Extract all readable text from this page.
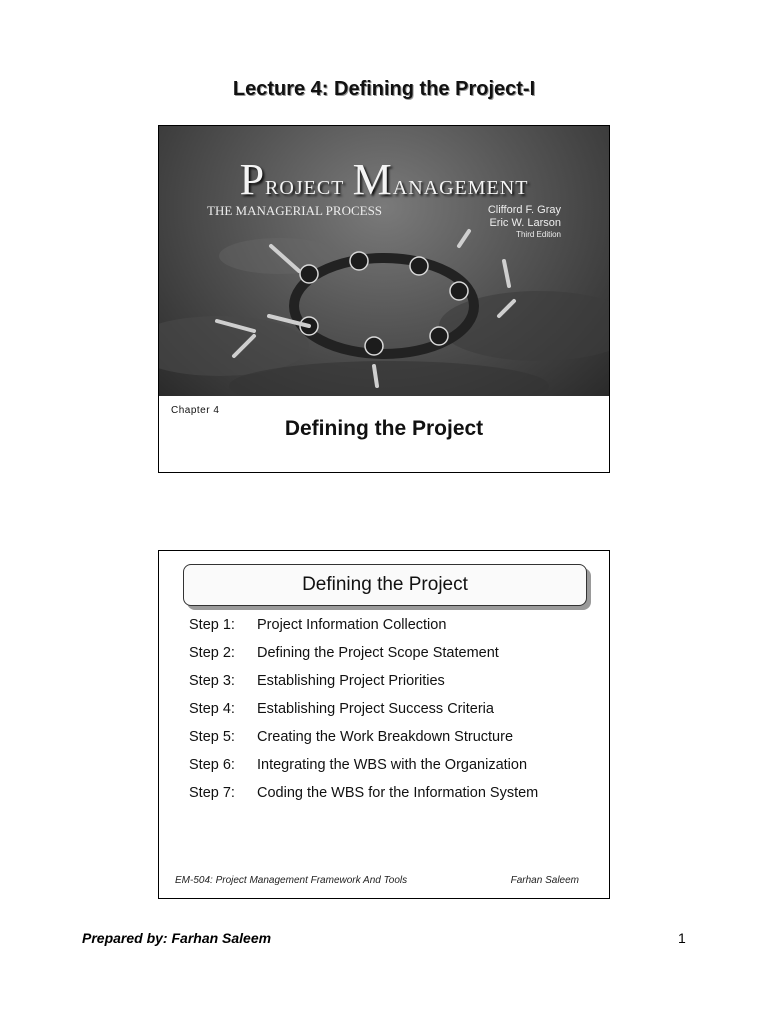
Lecture 4: Defining the Project-I
Project Management
THE MANAGERIAL PROCESS	Clifford F. Gray
Eric W. Larson
Third Edition
Chapter 4
Defining the Project
Defining the Project
Step 1: Project Information Collection
Step 2: Defining the Project Scope Statement
Step 3: Establishing Project Priorities
Step 4: Establishing Project Success Criteria
Step 5: Creating the Work Breakdown Structure
Step 6: Integrating the WBS with the Organization
Step 7: Coding the WBS for the Information System
EM-504: Project Management Framework And Tools	Farhan Saleem
Prepared by: Farhan Saleem	1
